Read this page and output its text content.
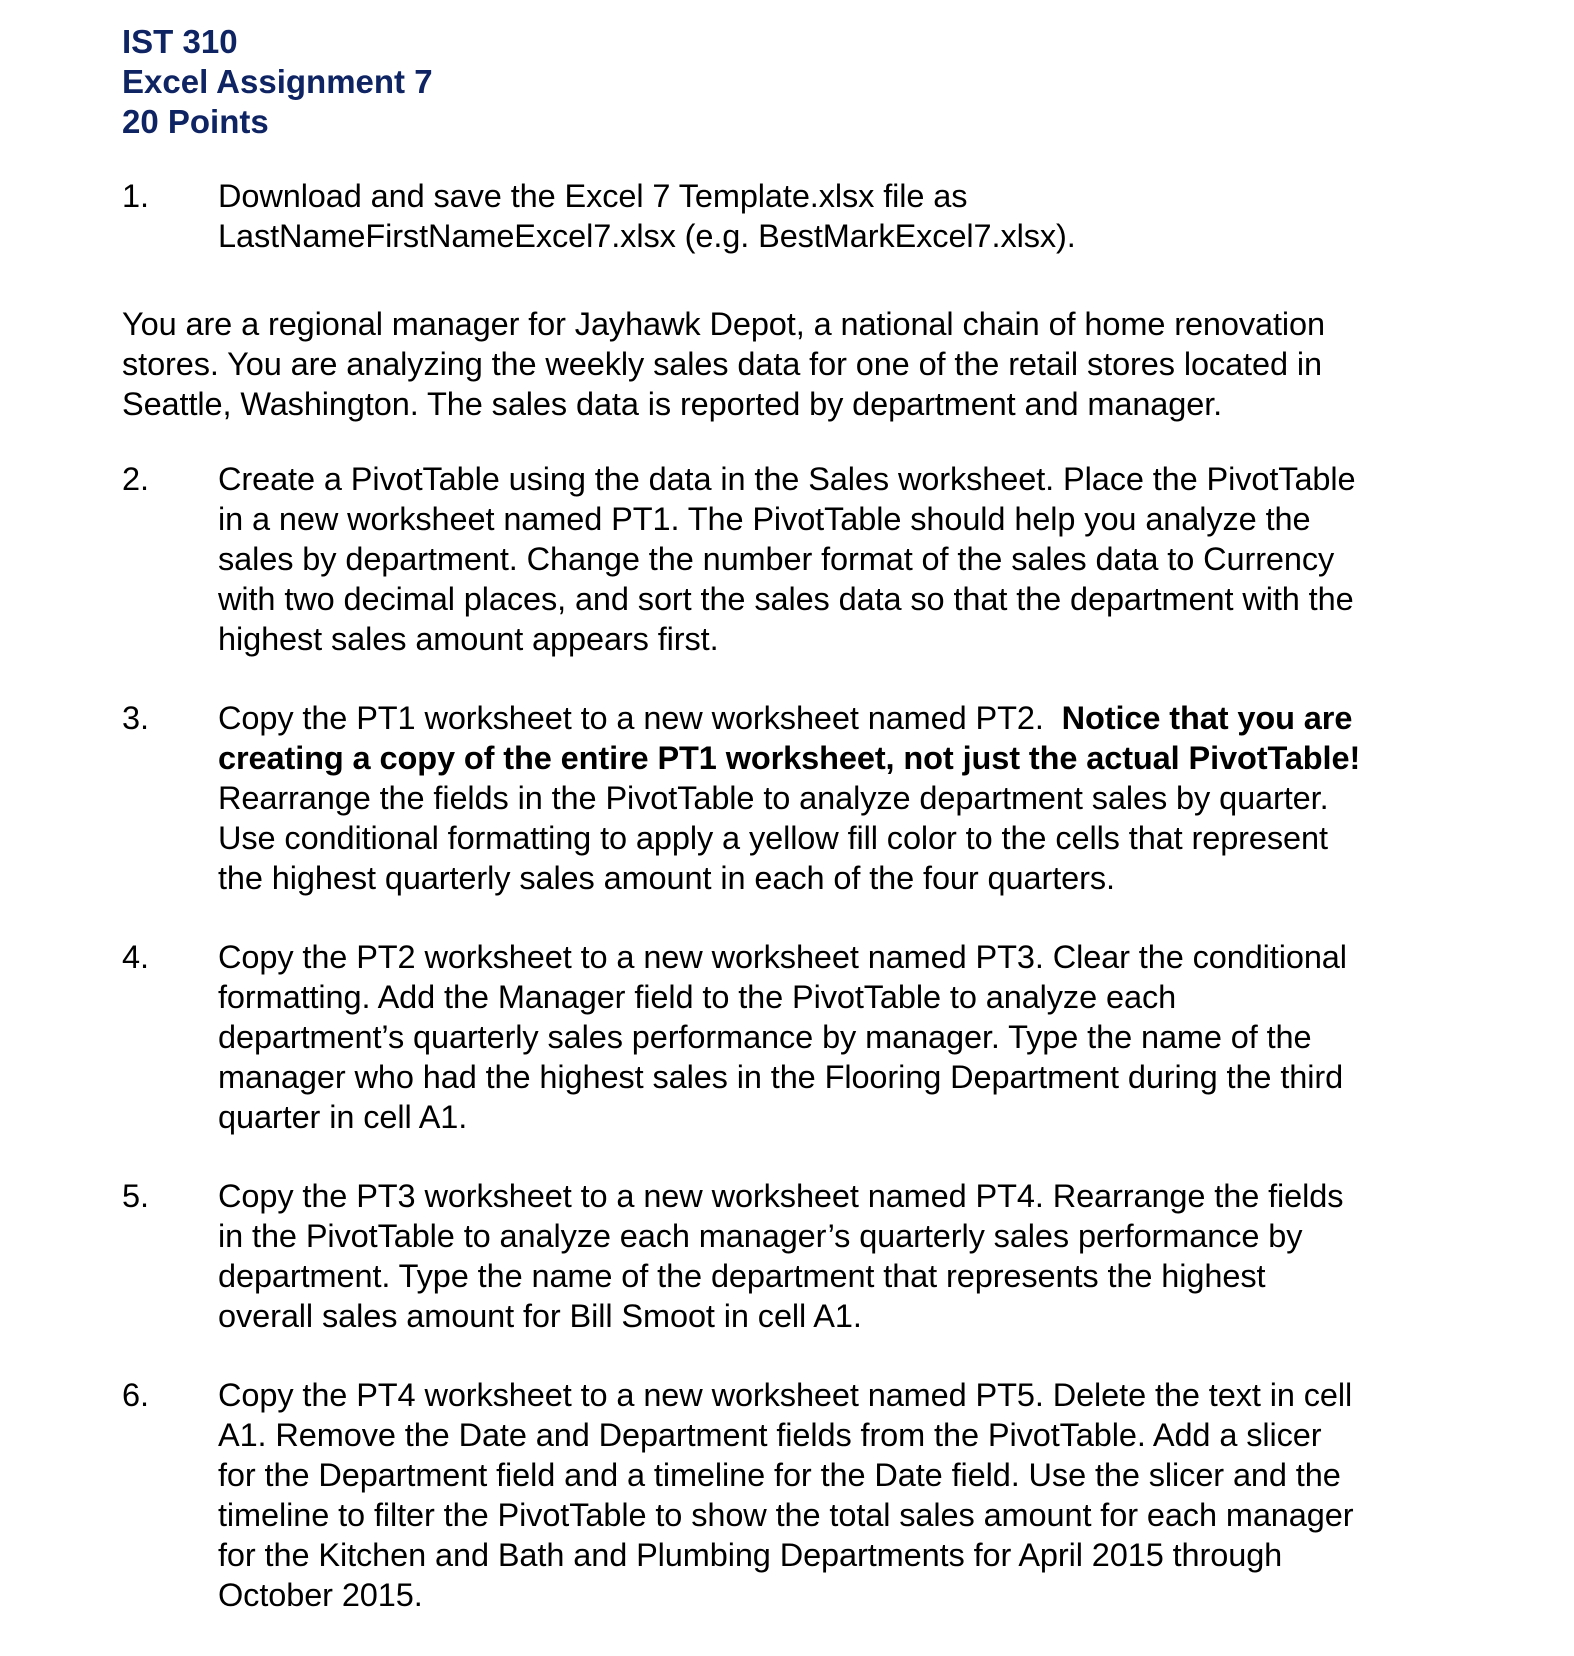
IST 310
Excel Assignment 7
20 Points
1.	Download and save the Excel 7 Template.xlsx file as
LastNameFirstNameExcel7.xlsx (e.g. BestMarkExcel7.xlsx).
You are a regional manager for Jayhawk Depot, a national chain of home renovation
stores. You are analyzing the weekly sales data for one of the retail stores located in
Seattle, Washington. The sales data is reported by department and manager.
2.	Create a PivotTable using the data in the Sales worksheet. Place the PivotTable
in a new worksheet named PT1. The PivotTable should help you analyze the
sales by department. Change the number format of the sales data to Currency
with two decimal places, and sort the sales data so that the department with the
highest sales amount appears first.
3.	Copy the PT1 worksheet to a new worksheet named PT2.  Notice that you are
creating a copy of the entire PT1 worksheet, not just the actual PivotTable!
Rearrange the fields in the PivotTable to analyze department sales by quarter.
Use conditional formatting to apply a yellow fill color to the cells that represent
the highest quarterly sales amount in each of the four quarters.
4.	Copy the PT2 worksheet to a new worksheet named PT3. Clear the conditional
formatting. Add the Manager field to the PivotTable to analyze each
department’s quarterly sales performance by manager. Type the name of the
manager who had the highest sales in the Flooring Department during the third
quarter in cell A1.
5.	Copy the PT3 worksheet to a new worksheet named PT4. Rearrange the fields
in the PivotTable to analyze each manager’s quarterly sales performance by
department. Type the name of the department that represents the highest
overall sales amount for Bill Smoot in cell A1.
6.	Copy the PT4 worksheet to a new worksheet named PT5. Delete the text in cell
A1. Remove the Date and Department fields from the PivotTable. Add a slicer
for the Department field and a timeline for the Date field. Use the slicer and the
timeline to filter the PivotTable to show the total sales amount for each manager
for the Kitchen and Bath and Plumbing Departments for April 2015 through
October 2015.
